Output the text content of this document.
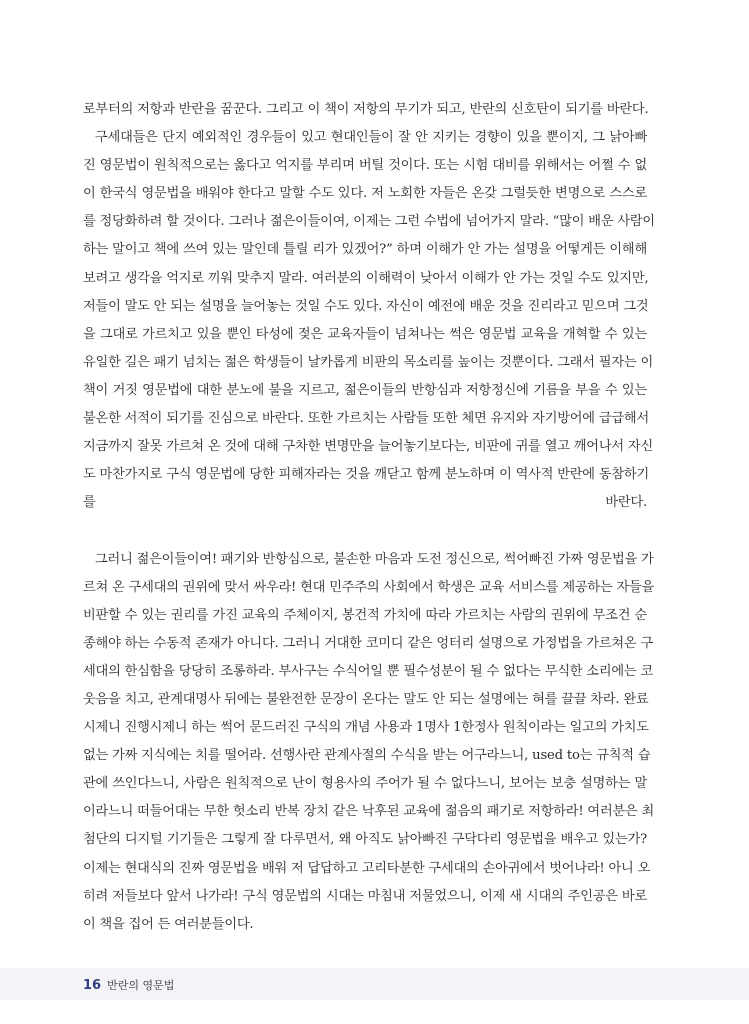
로부터의 저항과 반란을 꿈꾼다. 그리고 이 책이 저항의 무기가 되고, 반란의 신호탄이 되기를 바란다.
구세대들은 단지 예외적인 경우들이 있고 현대인들이 잘 안 지키는 경향이 있을 뿐이지, 그 낡아빠
진 영문법이 원칙적으로는 옳다고 억지를 부리며 버틸 것이다. 또는 시험 대비를 위해서는 어쩔 수 없
이 한국식 영문법을 배워야 한다고 말할 수도 있다. 저 노회한 자들은 온갖 그럴듯한 변명으로 스스로
를 정당화하려 할 것이다. 그러나 젊은이들이여, 이제는 그런 수법에 넘어가지 말라. “많이 배운 사람이
하는 말이고 책에 쓰여 있는 말인데 틀릴 리가 있겠어?” 하며 이해가 안 가는 설명을 어떻게든 이해해
보려고 생각을 억지로 끼워 맞추지 말라. 여러분의 이해력이 낮아서 이해가 안 가는 것일 수도 있지만,
저들이 말도 안 되는 설명을 늘어놓는 것일 수도 있다. 자신이 예전에 배운 것을 진리라고 믿으며 그것
을 그대로 가르치고 있을 뿐인 타성에 젖은 교육자들이 넘쳐나는 썩은 영문법 교육을 개혁할 수 있는
유일한 길은 패기 넘치는 젊은 학생들이 날카롭게 비판의 목소리를 높이는 것뿐이다. 그래서 필자는 이
책이 거짓 영문법에 대한 분노에 불을 지르고, 젊은이들의 반항심과 저항정신에 기름을 부을 수 있는
불온한 서적이 되기를 진심으로 바란다. 또한 가르치는 사람들 또한 체면 유지와 자기방어에 급급해서
지금까지 잘못 가르쳐 온 것에 대해 구차한 변명만을 늘어놓기보다는, 비판에 귀를 열고 깨어나서 자신
도 마찬가지로 구식 영문법에 당한 피해자라는 것을 깨닫고 함께 분노하며 이 역사적 반란에 동참하기
를 바란다.
그러니 젊은이들이여! 패기와 반항심으로, 불손한 마음과 도전 정신으로, 썩어빠진 가짜 영문법을 가
르쳐 온 구세대의 권위에 맞서 싸우라! 현대 민주주의 사회에서 학생은 교육 서비스를 제공하는 자들을
비판할 수 있는 권리를 가진 교육의 주체이지, 봉건적 가치에 따라 가르치는 사람의 권위에 무조건 순
종해야 하는 수동적 존재가 아니다. 그러니 거대한 코미디 같은 엉터리 설명으로 가정법을 가르쳐온 구
세대의 한심함을 당당히 조롱하라. 부사구는 수식어일 뿐 필수성분이 될 수 없다는 무식한 소리에는 코
웃음을 치고, 관계대명사 뒤에는 불완전한 문장이 온다는 말도 안 되는 설명에는 혀를 끌끌 차라. 완료
시제니 진행시제니 하는 썩어 문드러진 구식의 개념 사용과 1명사 1한정사 원칙이라는 일고의 가치도
없는 가짜 지식에는 치를 떨어라. 선행사란 관계사절의 수식을 받는 어구라느니, used to는 규칙적 습
관에 쓰인다느니, 사람은 원칙적으로 난이 형용사의 주어가 될 수 없다느니, 보어는 보충 설명하는 말
이라느니 떠들어대는 무한 헛소리 반복 장치 같은 낙후된 교육에 젊음의 패기로 저항하라! 여러분은 최
첨단의 디지털 기기들은 그렇게 잘 다루면서, 왜 아직도 낡아빠진 구닥다리 영문법을 배우고 있는가?
이제는 현대식의 진짜 영문법을 배워 저 답답하고 고리타분한 구세대의 손아귀에서 벗어나라! 아니 오
히려 저들보다 앞서 나가라! 구식 영문법의 시대는 마침내 저물었으니, 이제 새 시대의 주인공은 바로
이 책을 집어 든 여러분들이다.
16 반란의 영문법
